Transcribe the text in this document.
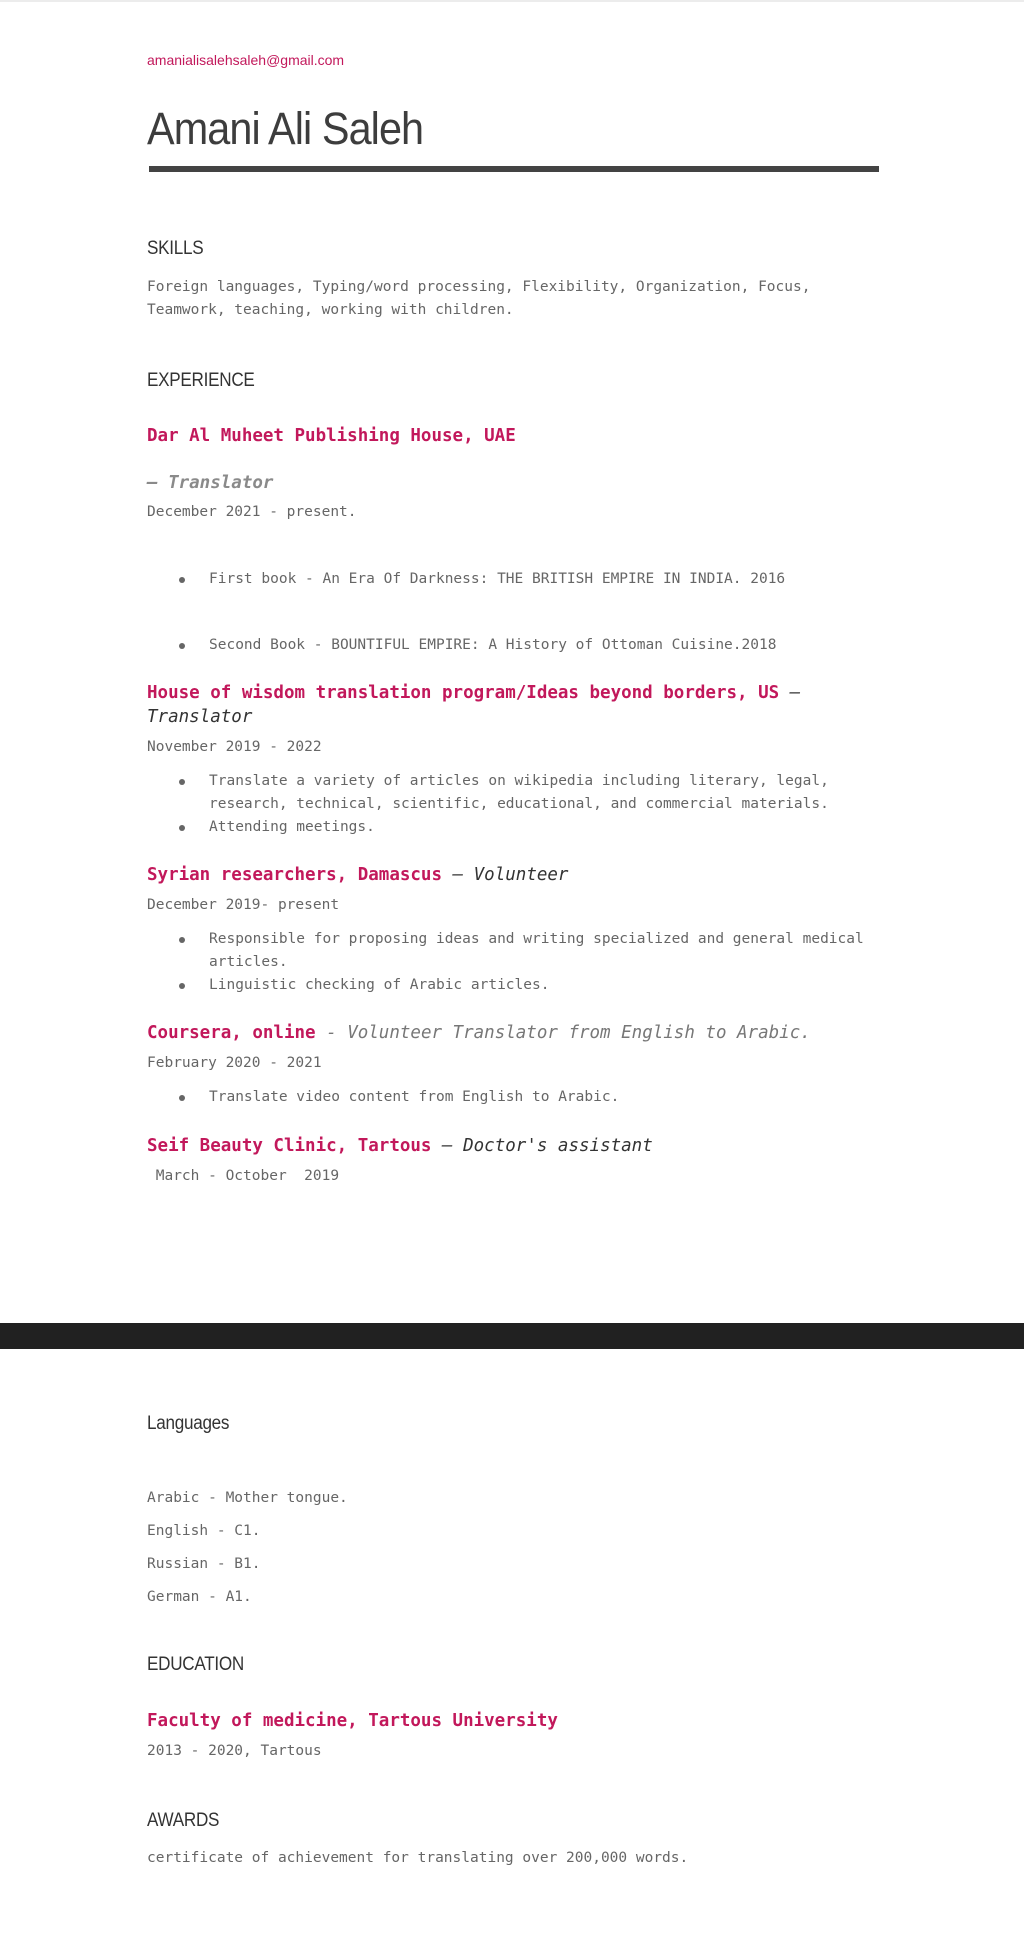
amanialisalehsaleh@gmail.com
Amani Ali Saleh
SKILLS

Foreign languages, Typing/word processing, Flexibility, Organization, Focus,
Teamwork, teaching, working with children.

EXPERIENCE

Dar Al Muheet Publishing House, UAE

— Translator

December 2021 - present.

First book - An Era Of Darkness: THE BRITISH EMPIRE IN INDIA. 2016
Second Book - BOUNTIFUL EMPIRE: A History of Ottoman Cuisine.2018

House of wisdom translation program/Ideas beyond borders, US — Translator

November 2019 - 2022

Translate a variety of articles on wikipedia including literary, legal, research, technical, scientific, educational, and commercial materials.
Attending meetings.

Syrian researchers, Damascus — Volunteer

December 2019- present

Responsible for proposing ideas and writing specialized and general medical articles.
Linguistic checking of Arabic articles.

Coursera, online - Volunteer Translator from English to Arabic.

February 2020 - 2021

Translate video content from English to Arabic.

Seif Beauty Clinic, Tartous — Doctor's assistant

March - October  2019

Languages

Arabic - Mother tongue.

English - C1.

Russian - B1.

German - A1.

EDUCATION

Faculty of medicine, Tartous University

2013 - 2020, Tartous

AWARDS

certificate of achievement for translating over 200,000 words.
